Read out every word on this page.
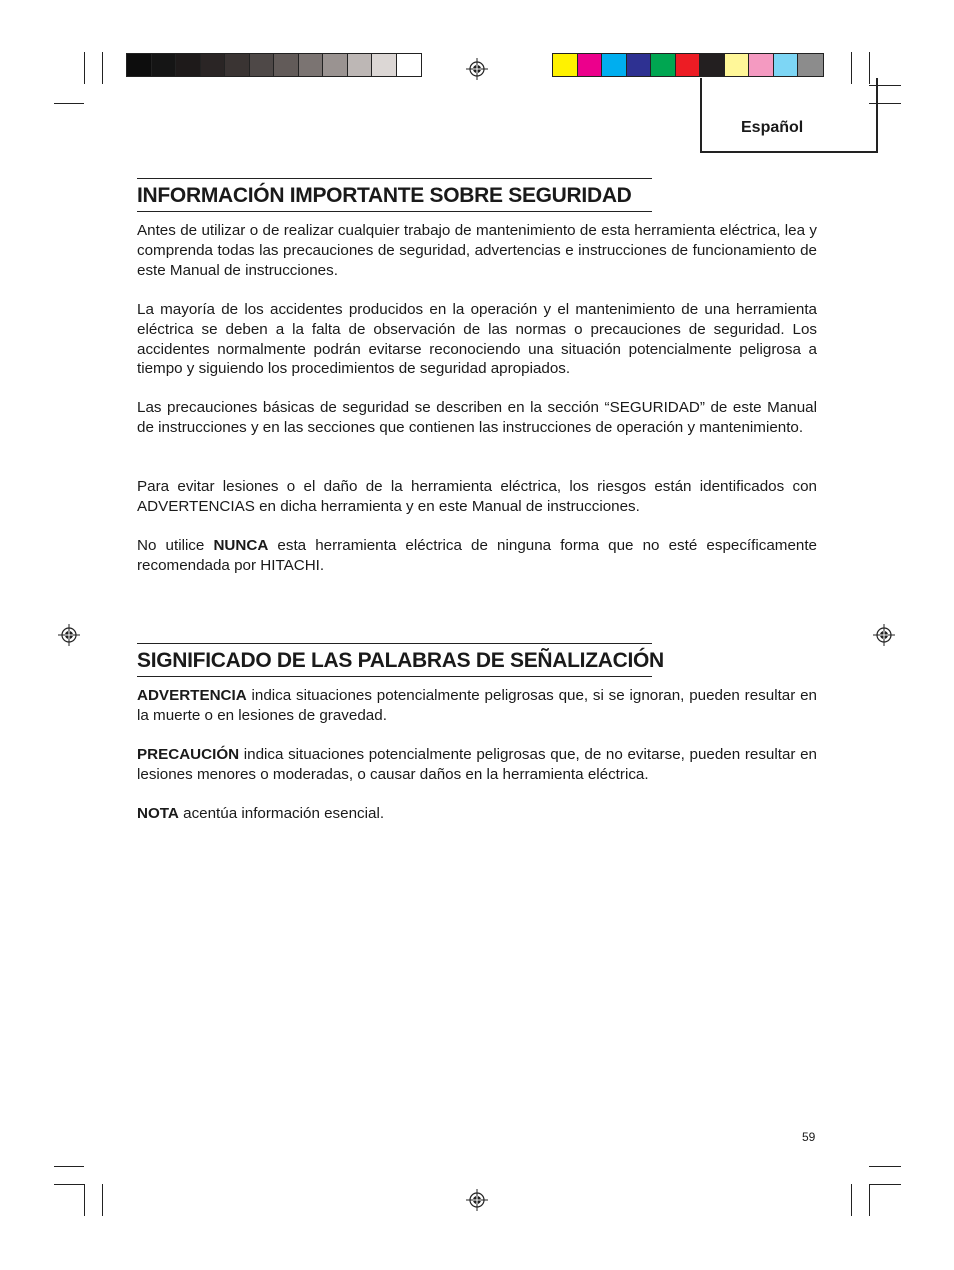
Español
INFORMACIÓN IMPORTANTE SOBRE SEGURIDAD

Antes de utilizar o de realizar cualquier trabajo de mantenimiento de esta herramienta eléctrica, lea y comprenda todas las precauciones de seguridad, advertencias e instrucciones de funcionamiento de este Manual de instrucciones.

La mayoría de los accidentes producidos en la operación y el mantenimiento de una herramienta eléctrica se deben a la falta de observación de las normas o precauciones de seguridad. Los accidentes normalmente podrán evitarse reconociendo una situación potencialmente peligrosa a tiempo y siguiendo los procedimientos de seguridad apropiados.

Las precauciones básicas de seguridad se describen en la sección “SEGURIDAD” de este Manual de instrucciones y en las secciones que contienen las instrucciones de operación y mantenimiento.

Para evitar lesiones o el daño de la herramienta eléctrica, los riesgos están identificados con ADVERTENCIAS en dicha herramienta y en este Manual de instrucciones.

No utilice NUNCA esta herramienta eléctrica de ninguna forma que no esté específicamente recomendada por HITACHI.

SIGNIFICADO DE LAS PALABRAS DE SEÑALIZACIÓN

ADVERTENCIA indica situaciones potencialmente peligrosas que, si se ignoran, pueden resultar en la muerte o en lesiones de gravedad.

PRECAUCIÓN indica situaciones potencialmente peligrosas que, de no evitarse, pueden resultar en lesiones menores o moderadas, o causar daños en la herramienta eléctrica.

NOTA acentúa información esencial.

59
